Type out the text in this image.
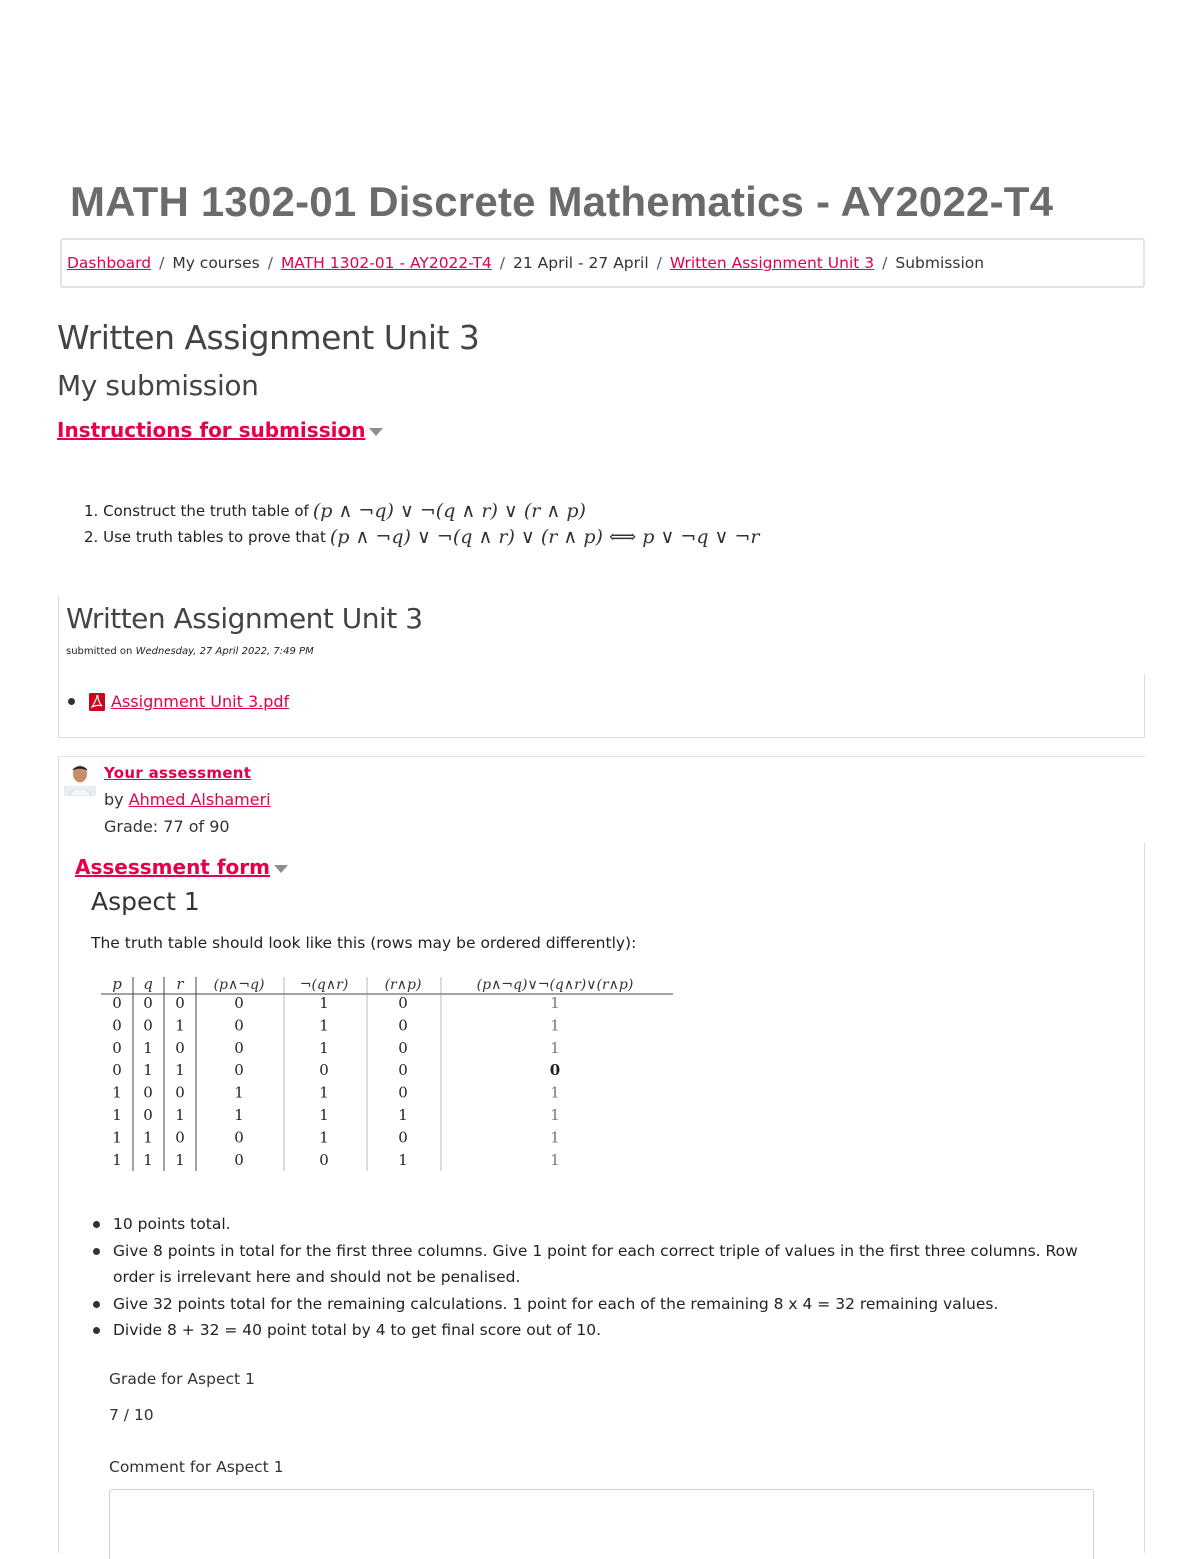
MATH 1302-01 Discrete Mathematics - AY2022-T4
Dashboard / My courses / MATH 1302-01 - AY2022-T4 / 21 April - 27 April / Written Assignment Unit 3 / Submission
Written Assignment Unit 3
My submission
Instructions for submission
1.
Construct the truth table of (p ∧ ¬q) ∨ ¬(q ∧ r) ∨ (r ∧ p)
2.
Use truth tables to prove that (p ∧ ¬q) ∨ ¬(q ∧ r) ∨ (r ∧ p) ⟺ p ∨ ¬q ∨ ¬r
Written Assignment Unit 3
submitted on Wednesday, 27 April 2022, 7:49 PM
Assignment Unit 3.pdf
Your assessment
by Ahmed Alshameri
Grade: 77 of 90
Assessment form
Aspect 1
The truth table should look like this (rows may be ordered differently):
p q r (p∧¬q)	¬(q∧r)	(r∧p)	(p∧¬q)∨¬(q∧r)∨(r∧p)
0 0 0	0	1	0	1
0 0 1	0	1	0	1
0 1 0	0	1	0	1
0 1 1	0	0	0	0
1 0 0	1	1	0	1
1 0 1	1	1	1	1
1 1 0	0	1	0	1
1 1 1	0	0	1	1
10 points total.
Give 8 points in total for the first three columns. Give 1 point for each correct triple of values in the first three columns. Row order is irrelevant here and should not be penalised.
Give 32 points total for the remaining calculations. 1 point for each of the remaining 8 x 4 = 32 remaining values.
Divide 8 + 32 = 40 point total by 4 to get final score out of 10.
Grade for Aspect 1
7 / 10
Comment for Aspect 1
